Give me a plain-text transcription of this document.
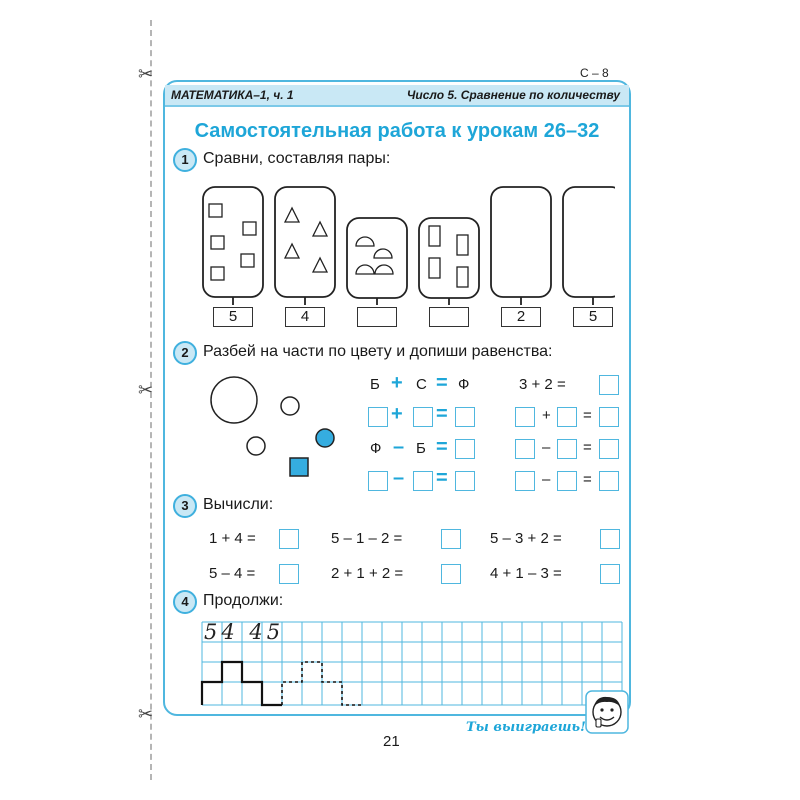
✂
✂
✂
С – 8
МАТЕМАТИКА–1, ч. 1	Число 5. Сравнение по количеству
Самостоятельная работа к урокам 26–32
1 Сравни, составляя пары:
5	4	2	5
2 Разбей на части по цвету и допиши равенства:
Б + С = Ф
+ =
Ф – Б =
– =
3 + 2 =
+ =
– =
– =
3 Вычисли:
1 + 4 =	5 – 1 – 2 =	5 – 3 + 2 =
5 – 4 =	2 + 1 + 2 =	4 + 1 – 3 =
4 Продолжи:
54 45
21
Ты выиграешь!
